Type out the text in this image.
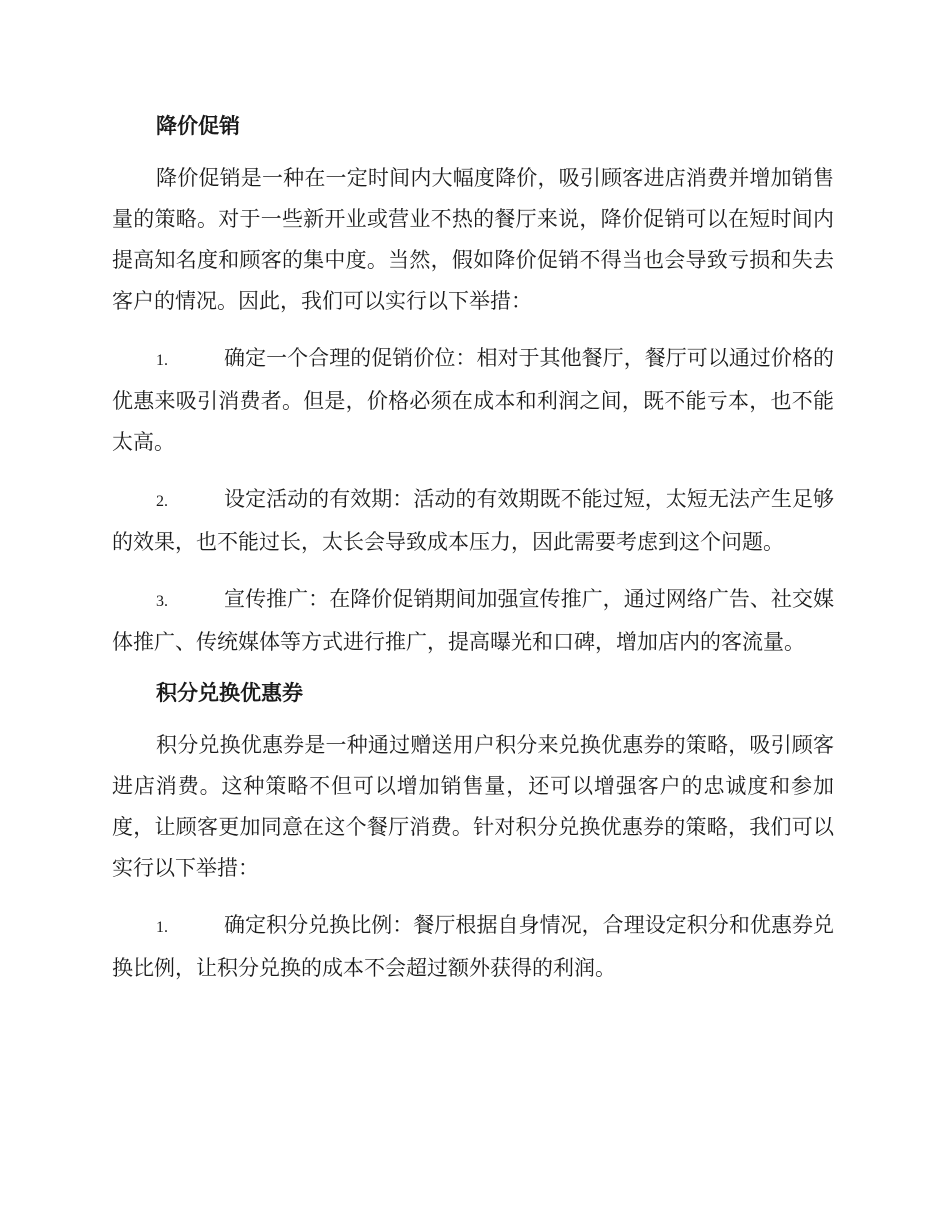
降价促销

降价促销是一种在一定时间内大幅度降价，吸引顾客进店消费并增加销售量的策略。对于一些新开业或营业不热的餐厅来说，降价促销可以在短时间内提高知名度和顾客的集中度。当然，假如降价促销不得当也会导致亏损和失去客户的情况。因此，我们可以实行以下举措：

1.	确定一个合理的促销价位：相对于其他餐厅，餐厅可以通过价格的优惠来吸引消费者。但是，价格必须在成本和利润之间，既不能亏本，也不能太高。

2.	设定活动的有效期：活动的有效期既不能过短，太短无法产生足够的效果，也不能过长，太长会导致成本压力，因此需要考虑到这个问题。

3.	宣传推广：在降价促销期间加强宣传推广，通过网络广告、社交媒体推广、传统媒体等方式进行推广，提高曝光和口碑，增加店内的客流量。

积分兑换优惠券

积分兑换优惠券是一种通过赠送用户积分来兑换优惠券的策略，吸引顾客进店消费。这种策略不但可以增加销售量，还可以增强客户的忠诚度和参加度，让顾客更加同意在这个餐厅消费。针对积分兑换优惠券的策略，我们可以实行以下举措：

1.	确定积分兑换比例：餐厅根据自身情况，合理设定积分和优惠券兑换比例，让积分兑换的成本不会超过额外获得的利润。
